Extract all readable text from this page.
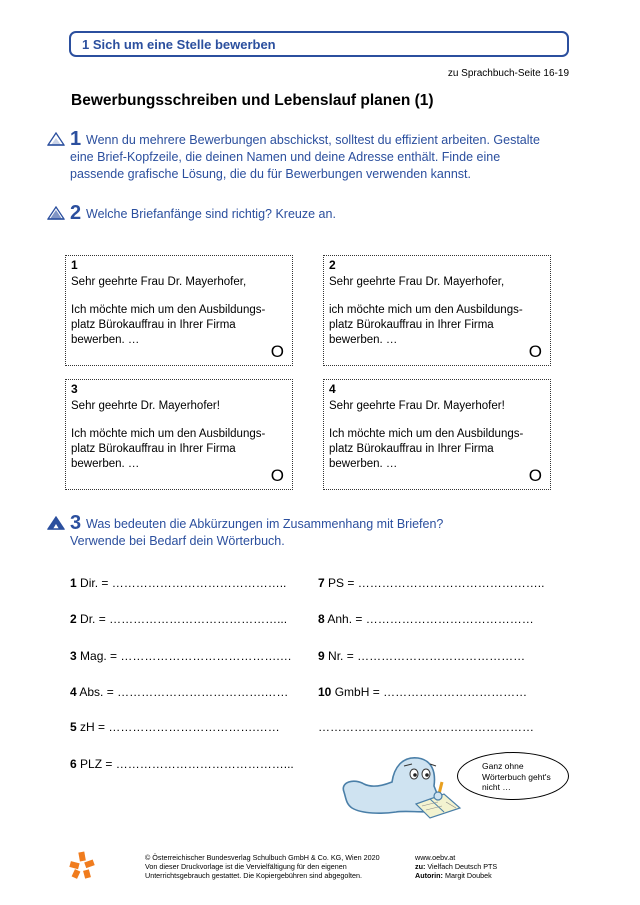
1 Sich um eine Stelle bewerben
zu Sprachbuch-Seite 16-19
Bewerbungsschreiben und Lebenslauf planen (1)
1 Wenn du mehrere Bewerbungen abschickst, solltest du effizient arbeiten. Gestalte
eine Brief-Kopfzeile, die deinen Namen und deine Adresse enthält. Finde eine
passende grafische Lösung, die du für Bewerbungen verwenden kannst.
2 Welche Briefanfänge sind richtig? Kreuze an.
1
Sehr geehrte Frau Dr. Mayerhofer,
Ich möchte mich um den Ausbildungs-
platz Bürokauffrau in Ihrer Firma
bewerben. …
O
2
Sehr geehrte Frau Dr. Mayerhofer,
ich möchte mich um den Ausbildungs-
platz Bürokauffrau in Ihrer Firma
bewerben. …
O
3
Sehr geehrte Dr. Mayerhofer!
Ich möchte mich um den Ausbildungs-
platz Bürokauffrau in Ihrer Firma
bewerben. …
O
4
Sehr geehrte Frau Dr. Mayerhofer!
Ich möchte mich um den Ausbildungs-
platz Bürokauffrau in Ihrer Firma
bewerben. …
O
3 Was bedeuten die Abkürzungen im Zusammenhang mit Briefen?
Verwende bei Bedarf dein Wörterbuch.
1 Dir. = ……………………………………..
2 Dr. = ……………………………………...
3 Mag. = ………………………………….…
4 Abs. = ……………………………….……
5 zH = ……………………………….……
6 PLZ = ……………………………………...
7 PS = ………………………………………..
8 Anh. = ……………………………………
9 Nr. = ……………………………………
10 GmbH = ………………………………
………………………………………………
Ganz ohne Wörterbuch geht's nicht …
© Österreichischer Bundesverlag Schulbuch GmbH & Co. KG, Wien 2020
Von dieser Druckvorlage ist die Vervielfältigung für den eigenen
Unterrichtsgebrauch gestattet. Die Kopiergebühren sind abgegolten.
www.oebv.at
zu: Vielfach Deutsch PTS
Autorin: Margit Doubek
